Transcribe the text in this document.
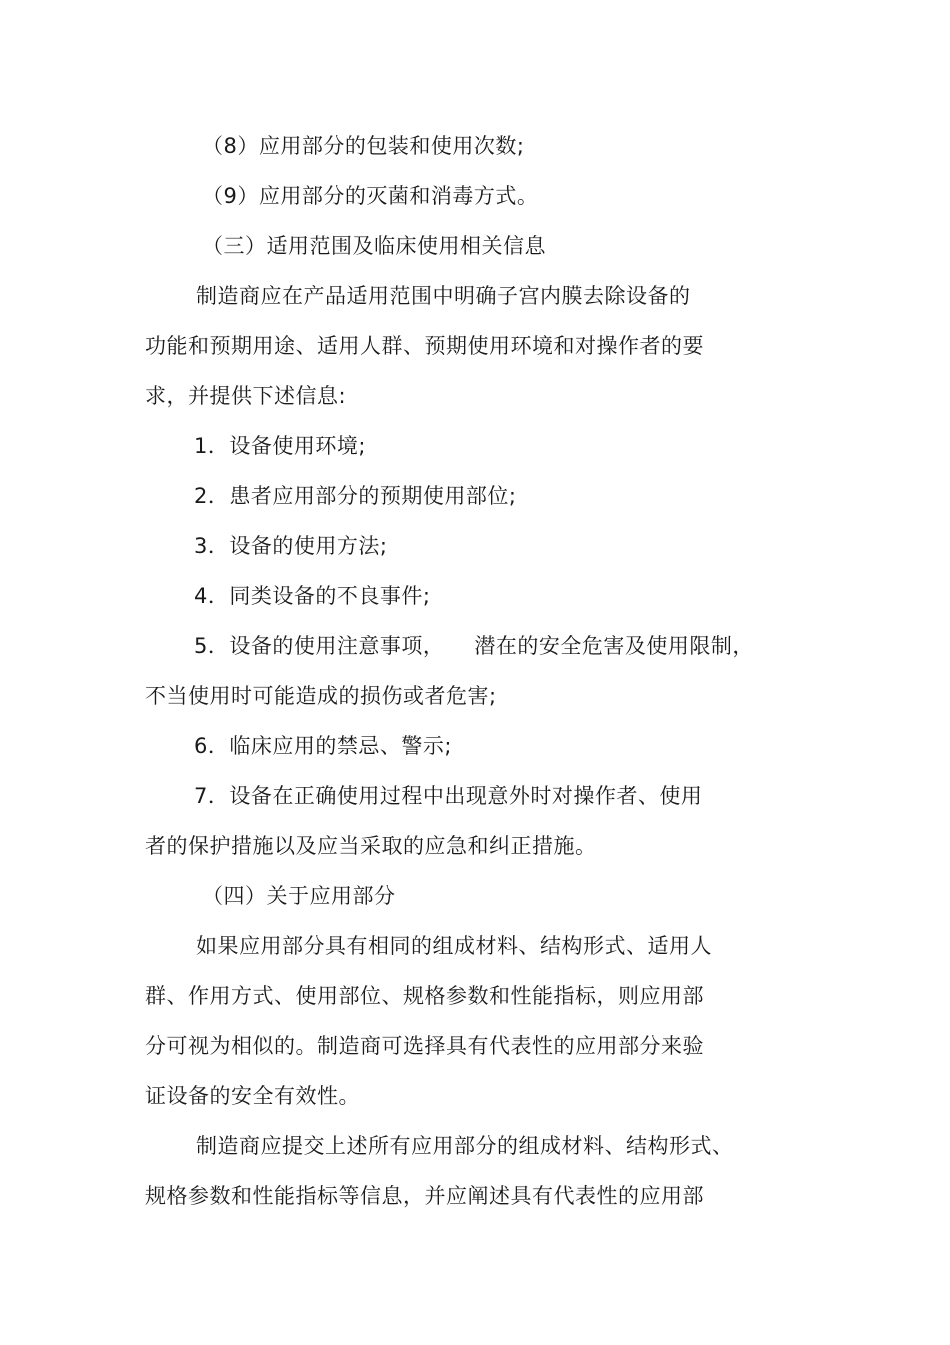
（8）应用部分的包装和使用次数;
（9）应用部分的灭菌和消毒方式。
（三）适用范围及临床使用相关信息
制造商应在产品适用范围中明确子宫内膜去除设备的
功能和预期用途、适用人群、预期使用环境和对操作者的要
求，并提供下述信息:
1．设备使用环境;
2．患者应用部分的预期使用部位;
3．设备的使用方法;
4．同类设备的不良事件;
5．设备的使用注意事项， 潜在的安全危害及使用限制，
不当使用时可能造成的损伤或者危害;
6．临床应用的禁忌、警示;
7．设备在正确使用过程中出现意外时对操作者、使用
者的保护措施以及应当采取的应急和纠正措施。
（四）关于应用部分
如果应用部分具有相同的组成材料、结构形式、适用人
群、作用方式、使用部位、规格参数和性能指标，则应用部
分可视为相似的。制造商可选择具有代表性的应用部分来验
证设备的安全有效性。
制造商应提交上述所有应用部分的组成材料、结构形式、
规格参数和性能指标等信息，并应阐述具有代表性的应用部
